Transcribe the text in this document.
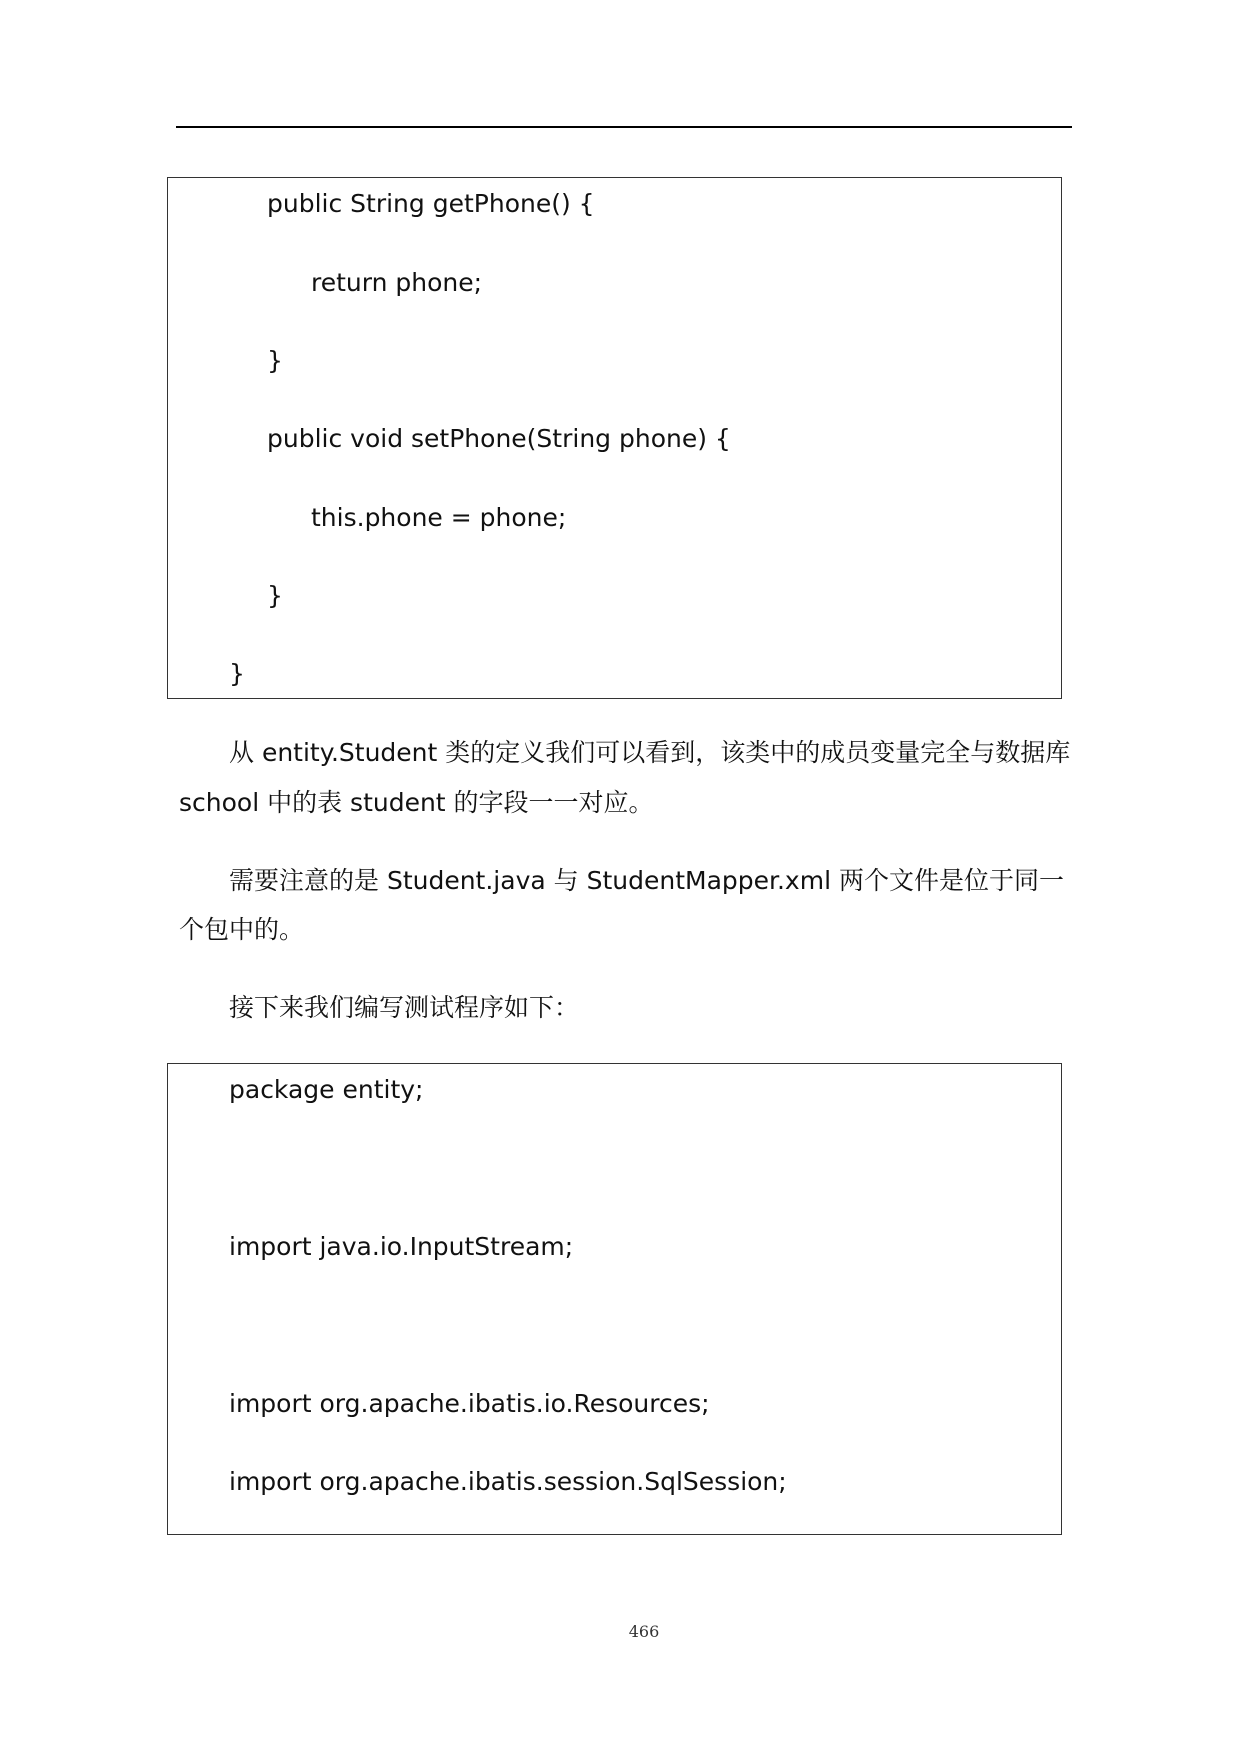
public String getPhone() {
return phone;
}
public void setPhone(String phone) {
this.phone = phone;
}
}
从 entity.Student 类的定义我们可以看到，该类中的成员变量完全与数据库
school 中的表 student 的字段一一对应。
需要注意的是 Student.java 与 StudentMapper.xml 两个文件是位于同一
个包中的。
接下来我们编写测试程序如下：
package entity;
import java.io.InputStream;
import org.apache.ibatis.io.Resources;
import org.apache.ibatis.session.SqlSession;
466
